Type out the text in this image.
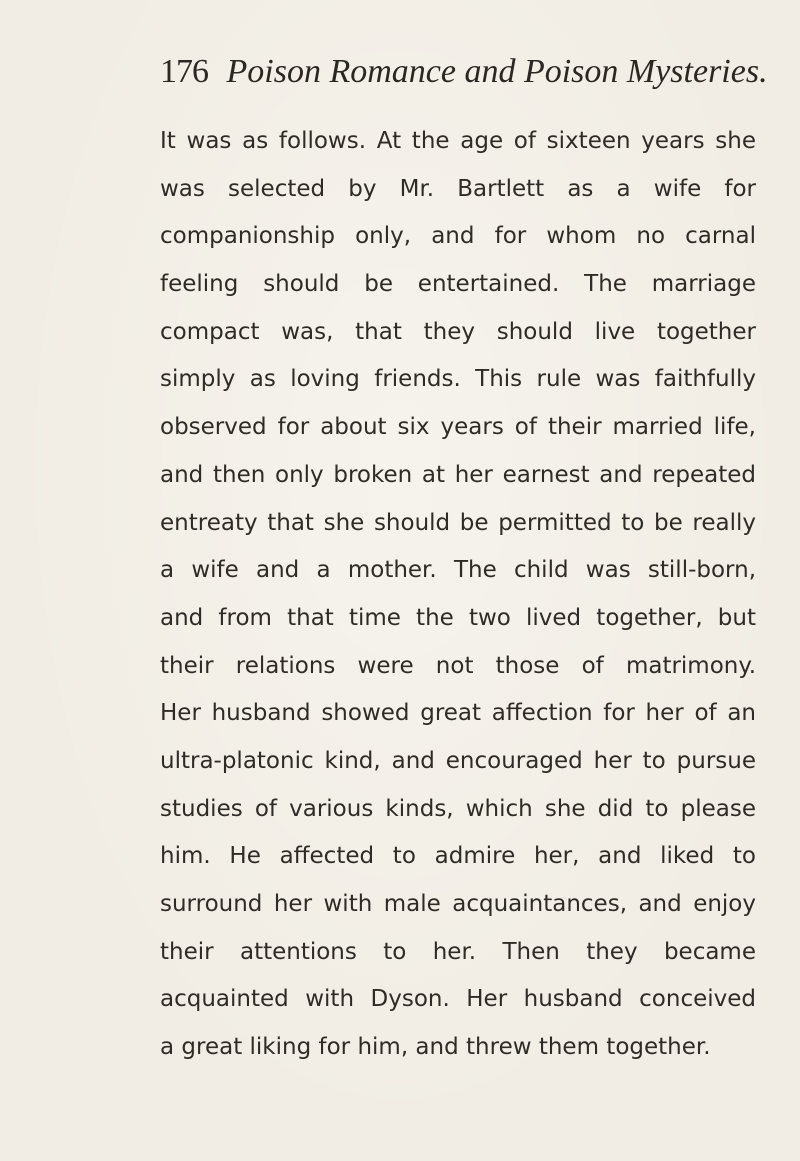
176 Poison Romance and Poison Mysteries.
It was as follows. At the age of sixteen years she
was selected by Mr. Bartlett as a wife for
companionship only, and for whom no carnal
feeling should be entertained. The marriage
compact was, that they should live together
simply as loving friends. This rule was faithfully
observed for about six years of their married life,
and then only broken at her earnest and repeated
entreaty that she should be permitted to be really
a wife and a mother. The child was still-born,
and from that time the two lived together, but
their relations were not those of matrimony.
Her husband showed great affection for her of an
ultra-platonic kind, and encouraged her to pursue
studies of various kinds, which she did to please
him. He affected to admire her, and liked to
surround her with male acquaintances, and enjoy
their attentions to her. Then they became
acquainted with Dyson. Her husband conceived
a great liking for him, and threw them together.
